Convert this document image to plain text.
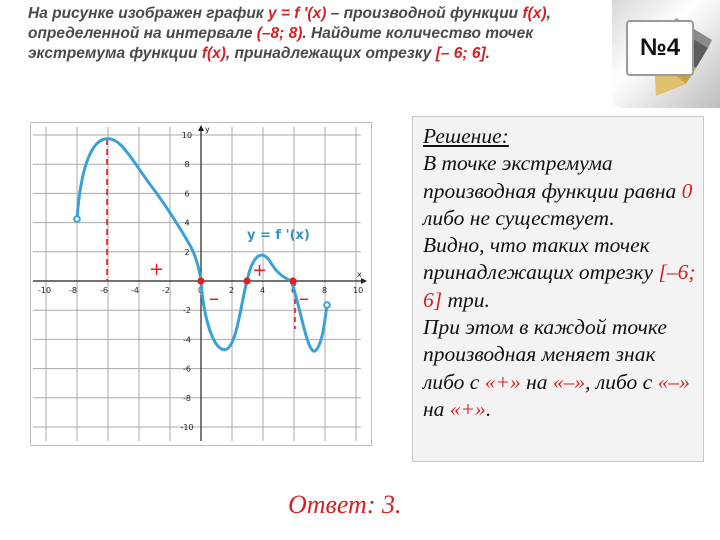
На рисунке изображен график y = f '(x) – производной функции f(x), определенной на интервале (–8; 8). Найдите количество точек экстремума функции f(x), принадлежащих отрезку [– 6; 6].	№4
x
y
-10 -8	-6	-4	-2	0	2	4	6	8	10
10
8
6
4
2
-2
-4
-6
-8
-10
+	+
–	–
y = f '(x)
Решение:
В точке экстремума производная функции равна 0 либо не существует.
Видно, что таких точек принадлежащих отрезку [–6; 6] три.
При этом в каждой точке производная меняет знак либо с «+» на «–», либо с «–» на «+».
Ответ: 3.
